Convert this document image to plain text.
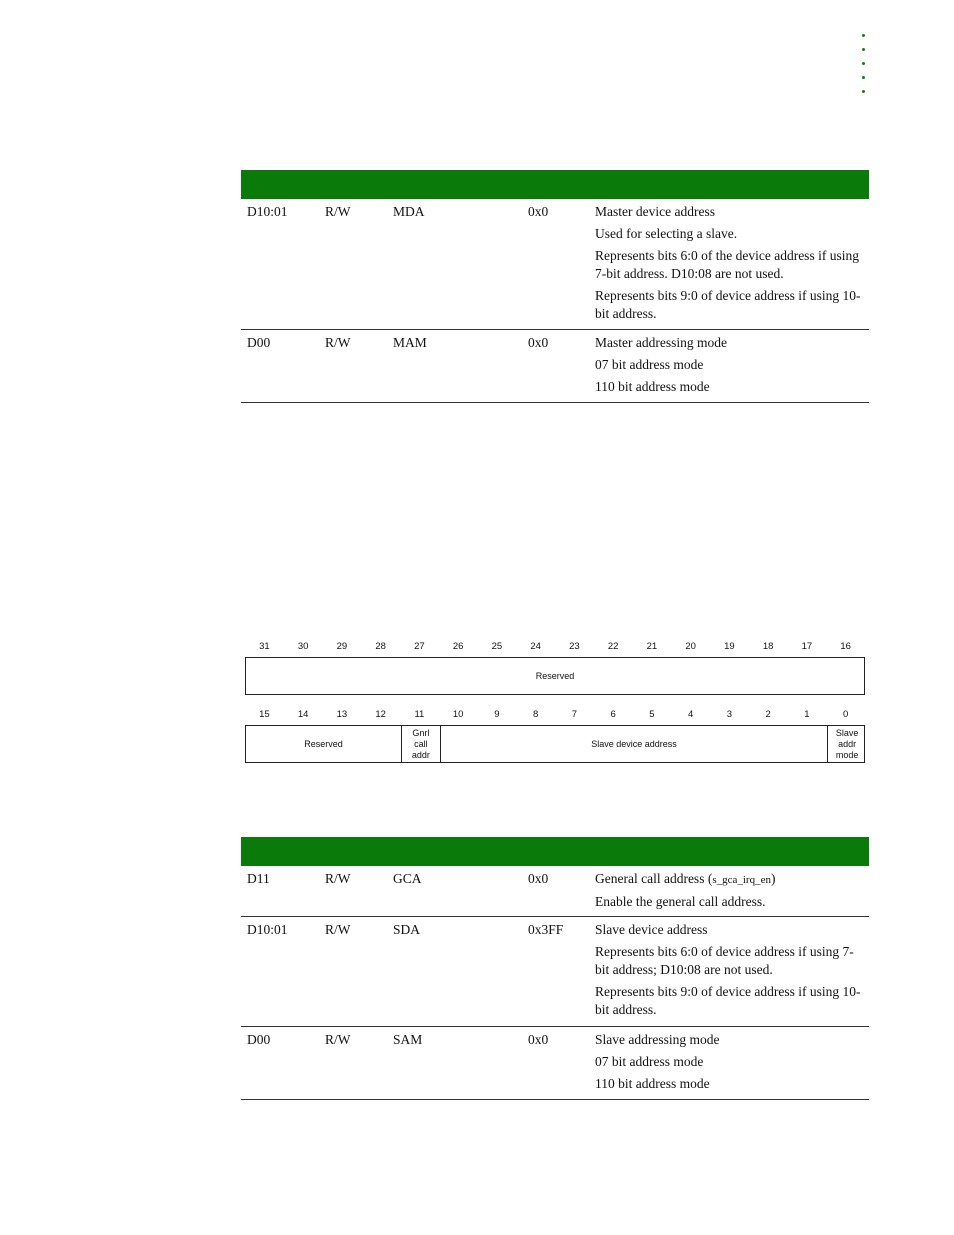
D10:01	R/W	MDA	0x0	Master device address

Used for selecting a slave.

Represents bits 6:0 of the device address if using 7-bit address. D10:08 are not used.

Represents bits 9:0 of device address if using 10-bit address.

D00	R/W	MAM	0x0	Master addressing mode

07 bit address mode

110 bit address mode

31	30	29	28	27	26	25	24	23	22	21	20	19	18	17	16
Reserved
15	14	13	12	11	10	9	8	7	6	5	4	3	2	1	0
Reserved
Gnrl
call
addr
Slave device address
Slave
addr
mode
D11	R/W	GCA	0x0	General call address (s_gca_irq_en)

Enable the general call address.

D10:01	R/W	SDA	0x3FF Slave device address

Represents bits 6:0 of device address if using 7-bit address; D10:08 are not used.

Represents bits 9:0 of device address if using 10-bit address.

D00	R/W	SAM	0x0	Slave addressing mode

07 bit address mode

110 bit address mode
